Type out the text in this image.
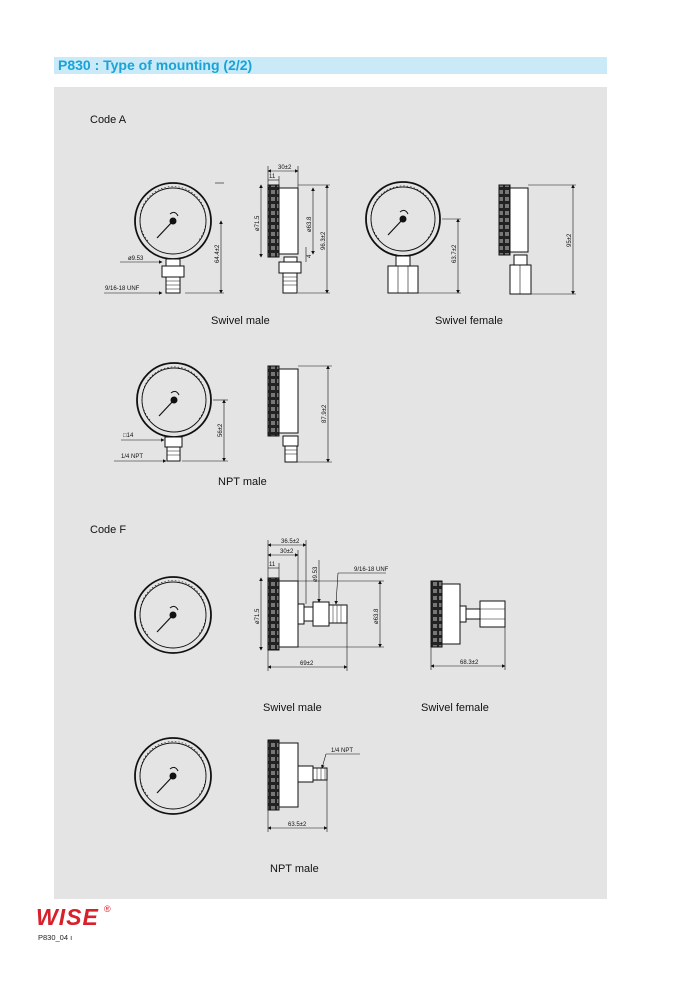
P830 : Type of mounting (2/2)
Code A
ø9.53
9/16-18 UNF
64.4±2
30±2
11
ø71.5	ø63.8
96.3±2
4	63.7±2
95±2
Swivel male	Swivel female
□14
1/4 NPT
56±2
87.9±2
NPT male
Code F
36.5±2
30±2
11
ø9.53	9/16-18 UNF
ø71.5	ø63.8
69±2	68.3±2
Swivel male	Swivel female
1/4 NPT
63.5±2
NPT male
WISE ®
P830_04 ı
